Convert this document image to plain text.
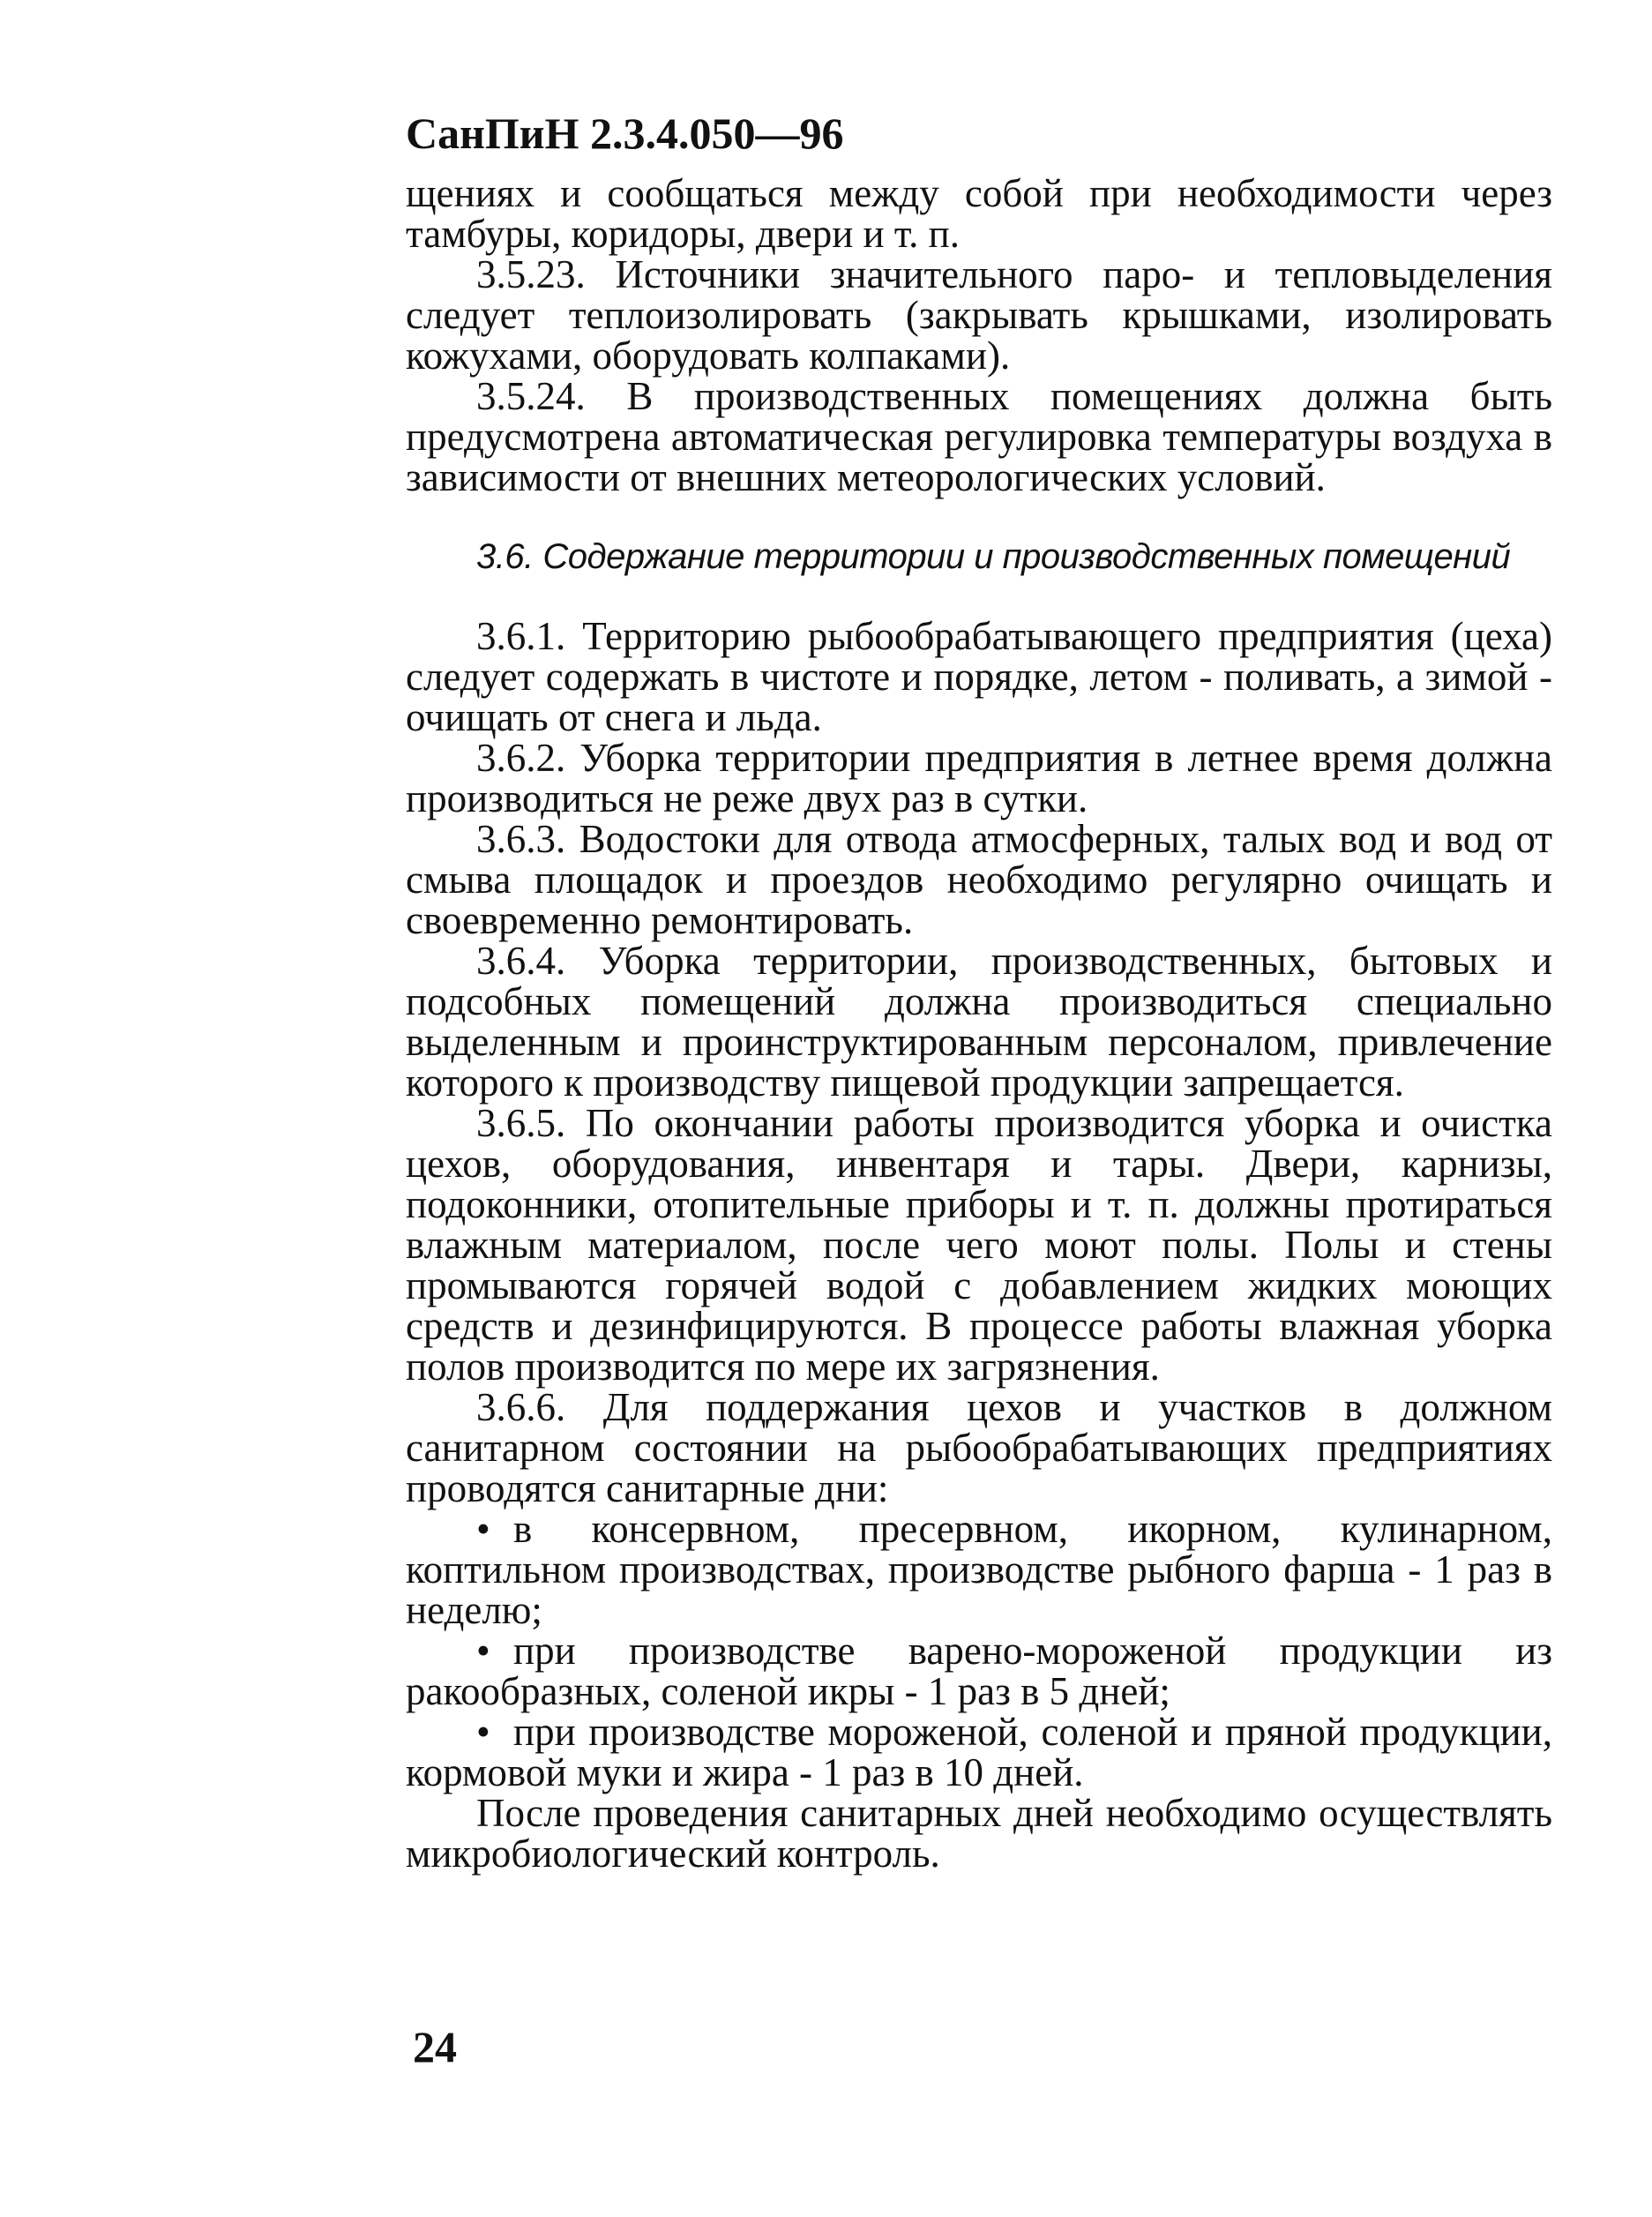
СанПиН 2.3.4.050—96

щениях и сообщаться между собой при необходимости через тамбуры, коридоры, двери и т. п.

3.5.23. Источники значительного паро- и тепловыделения следует теплоизолировать (закрывать крышками, изолировать кожухами, оборудовать колпаками).

3.5.24. В производственных помещениях должна быть предусмотрена автоматическая регулировка температуры воздуха в зависимости от внешних метеорологических условий.

3.6. Содержание территории и производственных помещений

3.6.1. Территорию рыбообрабатывающего предприятия (цеха) следует содержать в чистоте и порядке, летом - поливать, а зимой - очищать от снега и льда.

3.6.2. Уборка территории предприятия в летнее время должна производиться не реже двух раз в сутки.

3.6.3. Водостоки для отвода атмосферных, талых вод и вод от смыва площадок и проездов необходимо регулярно очищать и своевременно ремонтировать.

3.6.4. Уборка территории, производственных, бытовых и подсобных помещений должна производиться специально выделенным и проинструктированным персоналом, привлечение которого к производству пищевой продукции запрещается.

3.6.5. По окончании работы производится уборка и очистка цехов, оборудования, инвентаря и тары. Двери, карнизы, подоконники, отопительные приборы и т. п. должны протираться влажным материалом, после чего моют полы. Полы и стены промываются горячей водой с добавлением жидких моющих средств и дезинфицируются. В процессе работы влажная уборка полов производится по мере их загрязнения.

3.6.6. Для поддержания цехов и участков в должном санитарном состоянии на рыбообрабатывающих предприятиях проводятся санитарные дни:

• в консервном, пресервном, икорном, кулинарном, коптильном производствах, производстве рыбного фарша - 1 раз в неделю;

• при производстве варено-мороженой продукции из ракообразных, соленой икры - 1 раз в 5 дней;

• при производстве мороженой, соленой и пряной продукции, кормовой муки и жира - 1 раз в 10 дней.

После проведения санитарных дней необходимо осуществлять микробиологический контроль.

24
